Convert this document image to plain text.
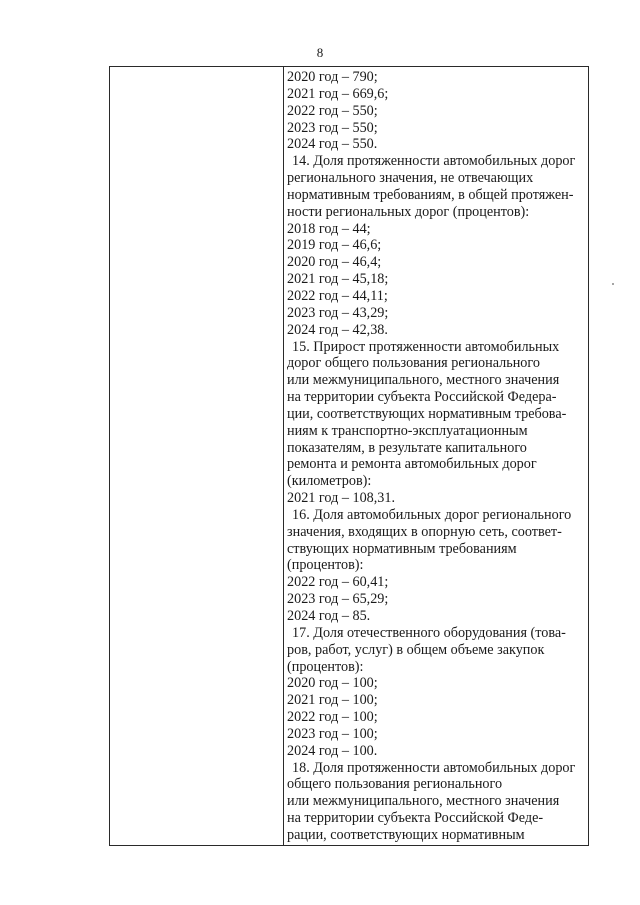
8
2020 год – 790;
2021 год – 669,6;
2022 год – 550;
2023 год – 550;
2024 год – 550.
14. Доля протяженности автомобильных дорог
регионального значения, не отвечающих
нормативным требованиям, в общей протяжен-
ности региональных дорог (процентов):
2018 год – 44;
2019 год – 46,6;
2020 год – 46,4;
2021 год – 45,18;
2022 год – 44,11;
2023 год – 43,29;
2024 год – 42,38.
15. Прирост протяженности автомобильных
дорог общего пользования регионального
или межмуниципального, местного значения
на территории субъекта Российской Федера-
ции, соответствующих нормативным требова-
ниям к транспортно-эксплуатационным
показателям, в результате капитального
ремонта и ремонта автомобильных дорог
(километров):
2021 год – 108,31.
16. Доля автомобильных дорог регионального
значения, входящих в опорную сеть, соответ-
ствующих нормативным требованиям
(процентов):
2022 год – 60,41;
2023 год – 65,29;
2024 год – 85.
17. Доля отечественного оборудования (това-
ров, работ, услуг) в общем объеме закупок
(процентов):
2020 год – 100;
2021 год – 100;
2022 год – 100;
2023 год – 100;
2024 год – 100.
18. Доля протяженности автомобильных дорог
общего пользования регионального
или межмуниципального, местного значения
на территории субъекта Российской Феде-
рации, соответствующих нормативным
